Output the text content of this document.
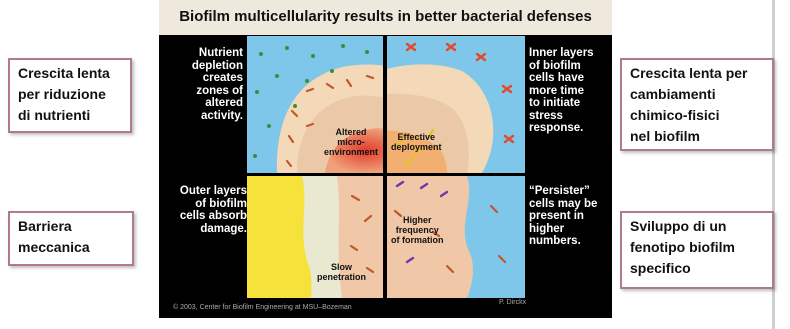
Biofilm multicellularity results in better bacterial defenses
Altered
micro-
environment
Effective
deployment
Slow
penetration
Higher
frequency
of formation
Nutrient
depletion
creates
zones of
altered
activity.
Inner layers
of biofilm
cells have
more time
to initiate
stress
response.
Outer layers
of biofilm
cells absorb
damage.
“Persister”
cells may be
present in
higher
numbers.
© 2003, Center for Biofilm Engineering at MSU–Bozeman
P. Dirckx
Crescita lenta
per riduzione
di nutrienti
Barriera
meccanica
Crescita lenta per
cambiamenti
chimico-fisici
nel biofilm
Sviluppo di un
fenotipo biofilm
specifico
